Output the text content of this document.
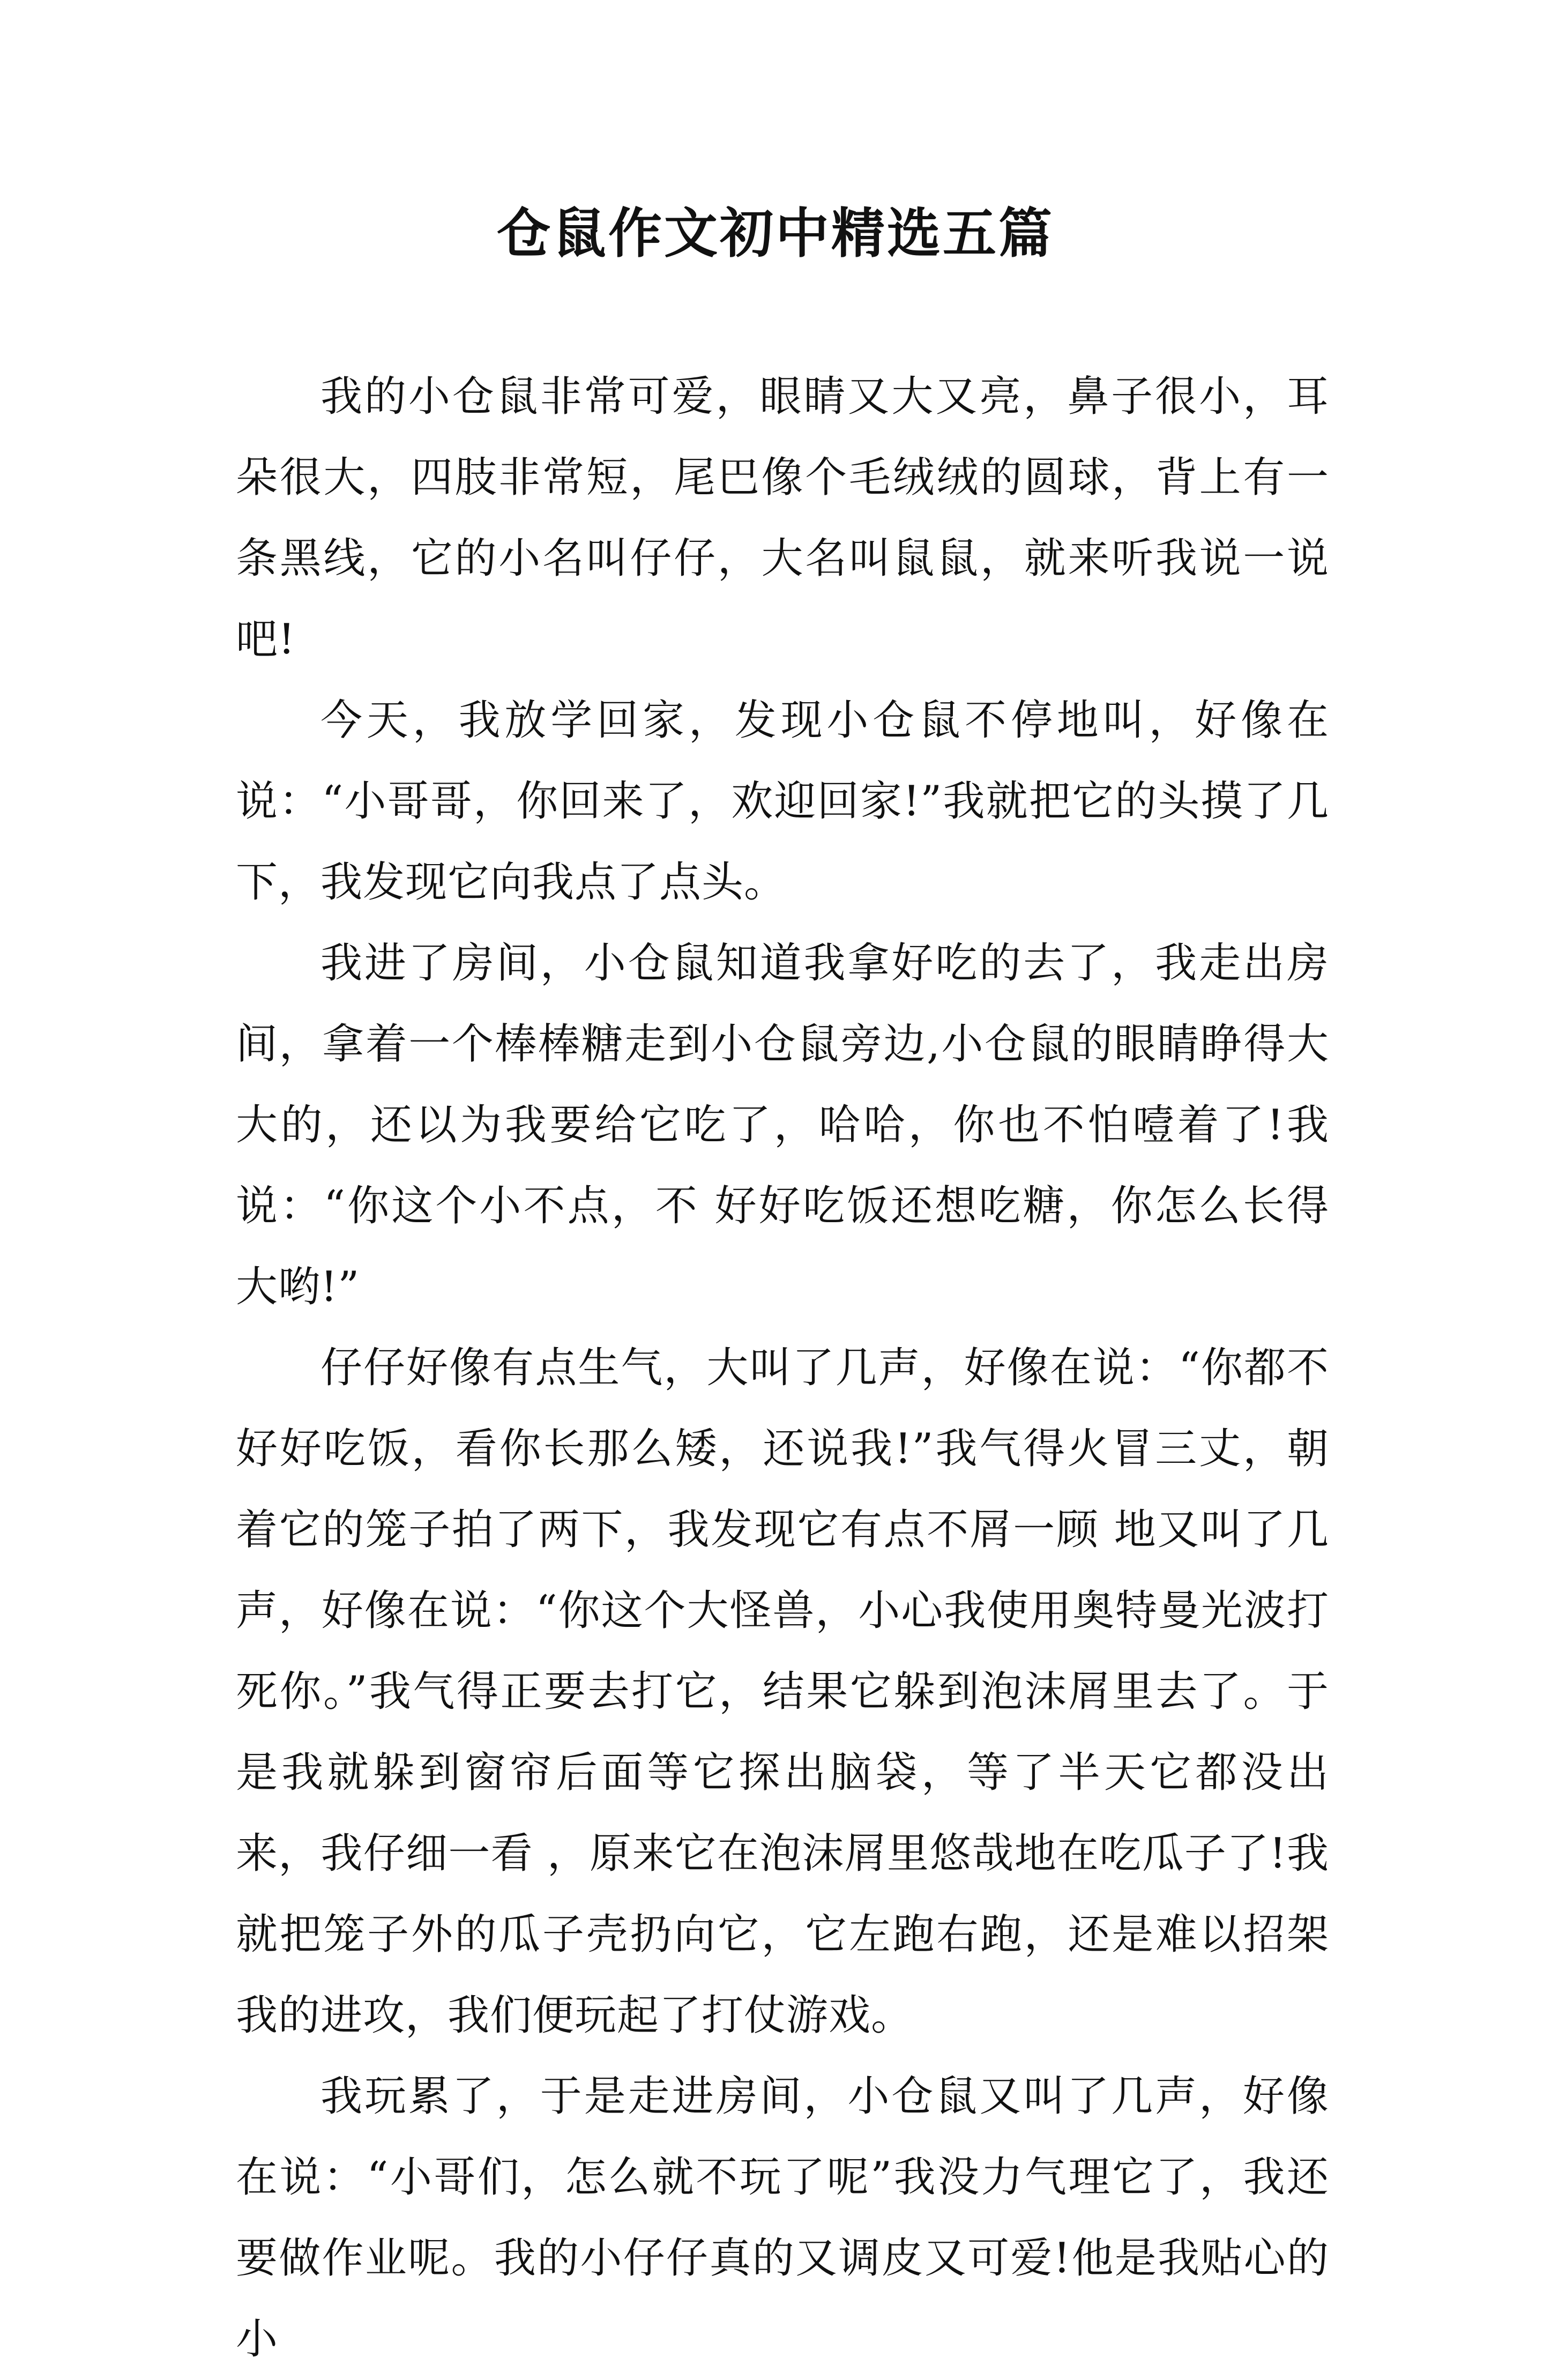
仓鼠作文初中精选五篇

我的小仓鼠非常可爱，眼睛又大又亮，鼻子很小，耳朵很大，四肢非常短，尾巴像个毛绒绒的圆球，背上有一条黑线，它的小名叫仔仔，大名叫鼠鼠，就来听我说一说吧!

今天，我放学回家，发现小仓鼠不停地叫，好像在说：“小哥哥，你回来了，欢迎回家!”我就把它的头摸了几下，我发现它向我点了点头。

我进了房间，小仓鼠知道我拿好吃的去了，我走出房间，拿着一个棒棒糖走到小仓鼠旁边,小仓鼠的眼睛睁得大大的，还以为我要给它吃了，哈哈，你也不怕噎着了!我说：“你这个小不点，不 好好吃饭还想吃糖，你怎么长得大哟!”

仔仔好像有点生气，大叫了几声，好像在说：“你都不好好吃饭，看你长那么矮，还说我!”我气得火冒三丈，朝着它的笼子拍了两下，我发现它有点不屑一顾 地又叫了几声，好像在说：“你这个大怪兽，小心我使用奥特曼光波打死你。”我气得正要去打它，结果它躲到泡沫屑里去了。于是我就躲到窗帘后面等它探出脑袋，等了半天它都没出来，我仔细一看 ，原来它在泡沫屑里悠哉地在吃瓜子了!我就把笼子外的瓜子壳扔向它，它左跑右跑，还是难以招架我的进攻，我们便玩起了打仗游戏。

我玩累了，于是走进房间，小仓鼠又叫了几声，好像在说：“小哥们，怎么就不玩了呢”我没力气理它了，我还要做作业呢。我的小仔仔真的又调皮又可爱!他是我贴心的小
